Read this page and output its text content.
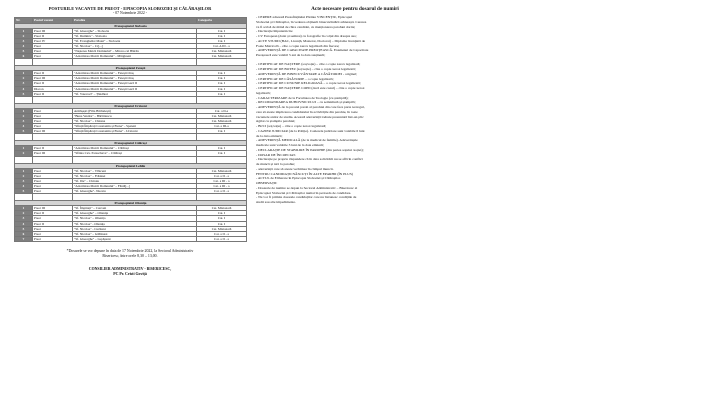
POSTURILE VACANTE DE PREOT - EPISCOPIA SLOBOZIEI ŞI CĂLĂRAŞILOR
- 07 Noiembrie 2022 -
Nr.	Postul vacant	Parohia	Categoria
Protopopiatul Slobozia			
1	Preot III	"Sf. Gheorghe" – Slobozia	Cat. I
2	Preot II	"Sf. Dumitru" - Slobozia	Cat. I
3	Preot IV	"Sf. Evanghelist Matei" – Slobozia	Cat. I
4	Preot	"Sf. Nicolae" – Cr[...]	Cat. A III - a
5	Preot	"Nașterea Maicii Domnului" – Mircea cel Bătrân	Cat. Misionară
6	Preot	"Adormirea Maicii Domnului" - Mărgineni	Cat. Misionară

Protopopiatul Fetești			
1	Preot II	"Adormirea Maicii Domnului" – Fetești Oraș	Cat. I
2	Preot III	"Adormirea Maicii Domnului" – Fetești Oraș	Cat. I
3	Preot II	"Adormirea Maicii Domnului" – Fetești Gară II	Cat. I
4	Diacon	"Adormirea Maicii Domnului" – Fetești Gară II	Cat. I
5	Preot II	"Sf. Voievozi" – Țăndărei	Cat. I

Protopopiatul Urziceni			
1	Preot	Armășești (Filia Bărbulești)	Cat. a II-a
2	Preot	"Buna Vestire" – Bărbătescu	Cat. Misionară
3	Preot	"Sf. Nicolae" – Chirana	Cat. Misionară
4	Preot	"Sfinții Împărați Constantin și Elena" - Spateni	Cat. a III-a
5	Preot III	"Sfinții Împărați Constantin și Elena" - Urziceni	Cat. I

Protopopiatul Călărași			
1	Preot II	"Adormirea Maicii Domnului" – Călărași	Cat. I
2	Preot III	"Sfânta Cuv. Parascheva" – Călărași	Cat. I

Protopopiatul Lehliu			
1	Preot	"Sf. Nicolae" – Vlăiceni	Cat. Misionară
2	Preot	"Sf. Nicolae" – Frăsinet	Cat. a II - a
3	Preot	"Sf. Ilie" – Chiroiu	Cat. a III - a
4	Preot	"Adormirea Maicii Domnului" – Fântâ[...]	Cat. a III - a
5	Preot	"Sf. Gheorghe"- Nucetu	Cat. a II - a

Protopopiatul Oltenița			
1	Preot III	"Sf. Împărați" – Curcani	Cat. Misionară
2	Preot II	"Sf. Gheorghe" – Oltenița	Cat. I
3	Preot	"Sf. Nicolae" – Oltenița	Cat. I
4	Preot II	"Sf. Nicolae" - Oltenița	Cat. I
5	Preot	"Sf. Nicolae" - Curăteni	Cat. Misionară
6	Preot	"Sf. Nicolae" – Gâlbinasi	Cat. a II - a
7	Preot	"Sf. Gheorghe" – Lupășteni	Cat. a II - a
*Dosarele se vor depune în data de 17 Noiembrie 2022, la Sectorul Administrativ
Bisericesc, între orele 8,30 – 13,00.
CONSILIER ADMINISTRATIV - BISERICESC,
PC Pr. Cristi Goviță
Acte necesare pentru dosarul de numiri
- CERERE adresată Preasfinţitului Părinte VINCENŢIU, Episcopul
Sloboziei şi Călăraşilor, în vederea obţinerii binecuvântării arhierești. Cererea
va fi scrisă de mână de către candidat, cu menționarea parohiei dorite;
- Declaraţie împuternicire
- CV European (datat și semnat) cu fotografie în colțul din dreapta sus;
- ACTE STUDII (BAC, Licenţă, Masterat, Doctorat) – Diploma licenţiată de
Foaie Matricolă – câte o copie xerox legalizată din fiecare;
- ADEVERINŢĂ DE CAPACITATE PREOŢEASCĂ. Examenul de Capacitate
Preoțească este valabil 5 ani de la data susținerii;
- CERTIFICAT DE NAŞTERE (soț/soție) – câte o copie xerox legalizată;
- CERTIFICAT DE BOTEZ (soț/soție) – câte o copie xerox legalizată;
- ADEVERINȚĂ DE BINECUVÂNTARE A CĂSĂTORIEI - original;
- CERTIFICAT DE CĂSĂTORIE – o copie legalizată;
- CERTIFICAT DE CUNUNIE RELIGIOASĂ – o copie xerox legalizată;
- CERTIFICAT DE NAŞTERE COPII (dacă este cazul) – câte o copie xerox
legalizată;
- CARACTERIZARE de la Facultatea de Teologie (cu ștampilă);
- RECOMANDAREA DUHOVNICULUI – cu semnătură și ștampilă;
- ADEVERINȚĂ de la preotul paroh al parohiei din care face parte teologul,
care să ateste implicarea candidatului în activitățile din parohie, în toate
vacantele anilor de studiu. Această adeverinţă trebuie prezentată într-un plic
sigilat cu ștampila parohiei;
- BI/CI (soţ/soţie) – câte o copie xerox legalizată;
- CAZIER JUDICIAR (de la Poliţie). Cazierele judiciare sunt valabile 6 luni
de la data emiterii;
- ADEVERINŢĂ MEDICALĂ (de la medicul de familie). Adeverințele
medicale sunt valabile 3 luni de la data emiterii;
- DECLARAŢIE DE STABILIRE ÎN PAROHIE (din partea soțului /soției);
- DOSAR DE ÎNCOPCIAT.
- Declarație pe propria răspundere că în data solicitării nu se află în conflict
de muncă și nici la parohie;
- adeverință care să ateste vechimea în câmpul muncii.
FENTRU CANDIDAȚII NĂSCUȚI ÎN ALTE EPARHII (ÎN PLUS)
- ACTUL de Eliberare în Episcopia Sloboziei și Călărașilor.
OBSERVAȚII:
- Dosarele de numire se depun la Sectorul Administrativ – Bisericesc al
Episcopiei Sloboziei și Călărașilor numai în perioada de candidare.
- Nu vor fi primite dosarele candidaţilor care nu întrunesc condiţiile de
studii sau alte impedimente.
